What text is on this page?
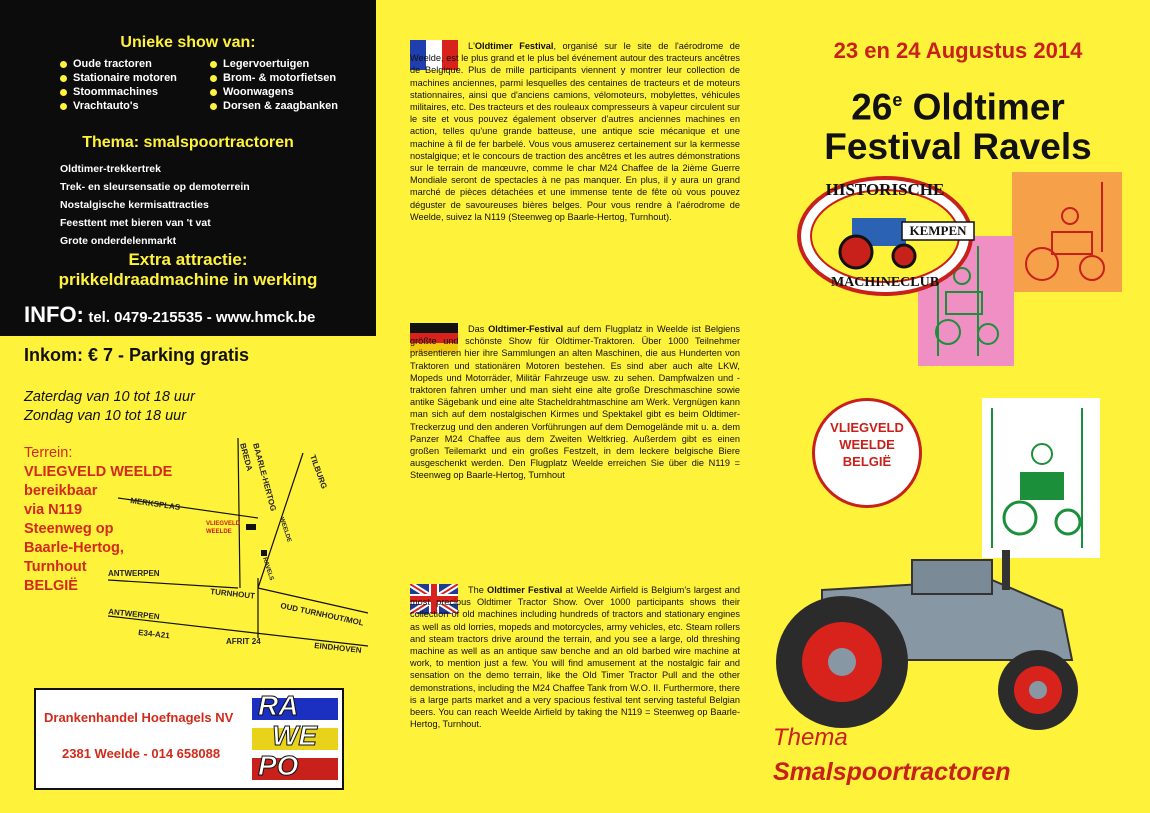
Unieke show van:
Oude tractoren	Legervoertuigen
Stationaire motoren	Brom- & motorfietsen
Stoommachines	Woonwagens
Vrachtauto's	Dorsen & zaagbanken
Thema: smalspoortractoren
Oldtimer-trekkertrek
Trek- en sleursensatie op demoterrein
Nostalgische kermisattracties
Feesttent met bieren van 't vat
Grote onderdelenmarkt
Extra attractie:
prikkeldraadmachine in werking
INFO: tel. 0479-215535 - www.hmck.be
Inkom: € 7 - Parking gratis
Zaterdag van 10 tot 18 uur
Zondag van 10 tot 18 uur
Terrein:
VLIEGVELD WEELDE
bereikbaar
via N119
Steenweg op
Baarle-Hertog,
Turnhout
BELGIË
BAARLE-HERTOG
BREDA	TILBURG
MERKSPLAS
VLIEGVELD
WEELDE	WEELDE
RAVELS
TURNHOUT
ANTWERPEN
ANTWERPEN
E34-A21
OUD TURNHOUT/MOL
AFRIT 24	EINDHOVEN
Drankenhandel Hoefnagels NV
2381 Weelde - 014 658088
RA
WE
PO
L'Oldtimer Festival, organisé sur le site de l'aérodrome de Weelde, est le plus grand et le plus bel événement autour des tracteurs ancêtres de Belgique. Plus de mille participants viennent y montrer leur collection de machines anciennes, parmi lesquelles des centaines de tracteurs et de moteurs stationnaires, ainsi que d'anciens camions, vélomoteurs, mobylettes, véhicules militaires, etc. Des tracteurs et des rouleaux compresseurs à vapeur circulent sur le site et vous pouvez également observer d'autres anciennes machines en action, telles qu'une grande batteuse, une antique scie mécanique et une machine à fil de fer barbelé. Vous vous amuserez certainement sur la kermesse nostalgique; et le concours de traction des ancêtres et les autres démonstrations sur le terrain de manœuvre, comme le char M24 Chaffee de la 2ième Guerre Mondiale seront de spectacles à ne pas manquer. En plus, il y aura un grand marché de pièces détachées et une immense tente de fête où vous pouvez déguster de savoureuses bières belges. Pour vous rendre à l'aérodrome de Weelde, suivez la N119 (Steenweg op Baarle-Hertog, Turnhout).
Das Oldtimer-Festival auf dem Flugplatz in Weelde ist Belgiens größte und schönste Show für Oldtimer-Traktoren. Über 1000 Teilnehmer präsentieren hier ihre Sammlungen an alten Maschinen, die aus Hunderten von Traktoren und stationären Motoren bestehen. Es sind aber auch alte LKW, Mopeds und Motorräder, Militär Fahrzeuge usw. zu sehen. Dampfwalzen und -traktoren fahren umher und man sieht eine alte große Dreschmaschine sowie antike Sägebank und eine alte Stacheldrahtmaschine am Werk. Vergnügen kann man sich auf dem nostalgischen Kirmes und Spektakel gibt es beim Oldtimer-Treckerzug und den anderen Vorführungen auf dem Demogelände mit u. a. dem Panzer M24 Chaffee aus dem Zweiten Weltkrieg. Außerdem gibt es einen großen Teilemarkt und ein großes Festzelt, in dem leckere belgische Biere ausgeschenkt werden. Den Flugplatz Weelde erreichen Sie über die N119 = Steenweg op Baarle-Hertog, Turnhout
The Oldtimer Festival at Weelde Airfield is Belgium's largest and most precious Oldtimer Tractor Show. Over 1000 participants shows their collection of old machines including hundreds of tractors and stationary engines as well as old lorries, mopeds and motorcycles, army vehicles, etc. Steam rollers and steam tractors drive around the terrain, and you see a large, old threshing machine as well as an antique saw benche and an old barbed wire machine at work, to mention just a few. You will find amusement at the nostalgic fair and sensation on the demo terrain, like the Old Timer Tractor Pull and the other demonstrations, including the M24 Chaffee Tank from W.O. II. Furthermore, there is a large parts market and a very spacious festival tent serving tasteful Belgian beers. You can reach Weelde Airfield by taking the N119 = Steenweg op Baarle-Hertog, Turnhout.
23 en 24 Augustus 2014
26e Oldtimer
Festival Ravels
KEMPEN
HISTORISCHE
MACHINECLUB
VLIEGVELD
WEELDE
BELGIË
Thema
Smalspoortractoren
